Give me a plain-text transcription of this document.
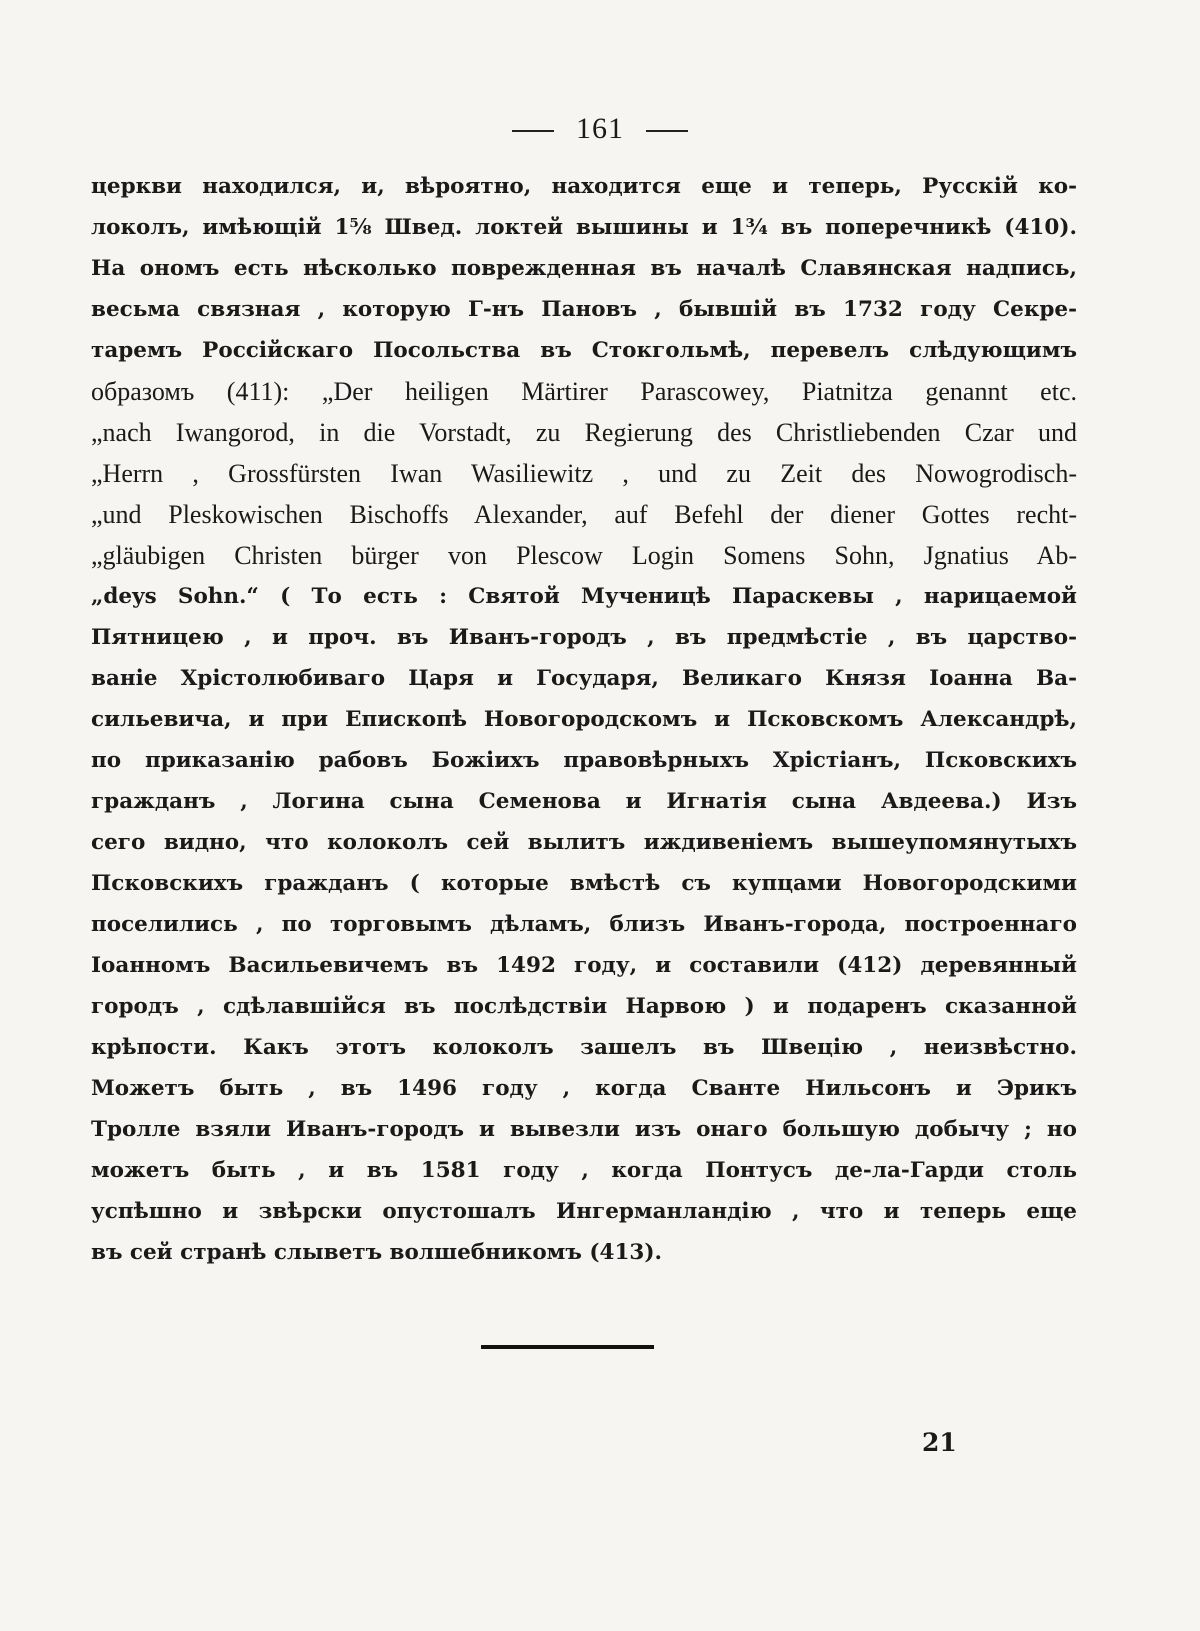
161
церкви находился, и, вѣроятно, находится еще и теперь, Русскій ко-
локолъ, имѣющій 1⅝ Швед. локтей вышины и 1¾ въ поперечникѣ (410).
На ономъ есть нѣсколько поврежденная въ началѣ Славянская надпись,
весьма связная , которую Г-нъ Пановъ , бывшій въ 1732 году Секре-
таремъ Россійскаго Посольства въ Стокгольмѣ, перевелъ слѣдующимъ
образомъ (411): „Der heiligen Märtirer Parascowey, Piatnitza genannt etc.
„nach Iwangorod, in die Vorstadt, zu Regierung des Christliebenden Czar und
„Herrn , Grossfürsten Iwan Wasiliewitz , und zu Zeit des Nowogrodisch-
„und Pleskowischen Bischoffs Alexander, auf Befehl der diener Gottes recht-
„gläubigen Christen bürger von Plescow Login Somens Sohn, Jgnatius Ab-
„deys Sohn.“ ( То есть : Святой Мученицѣ Параскевы , нарицаемой
Пятницею , и проч. въ Иванъ-городъ , въ предмѣстіе , въ царство-
ваніе Хрістолюбиваго Царя и Государя, Великаго Князя Іоанна Ва-
сильевича, и при Епископѣ Новогородскомъ и Псковскомъ Александрѣ,
по приказанію рабовъ Божіихъ правовѣрныхъ Хрістіанъ, Псковскихъ
гражданъ , Логина сына Семенова и Игнатія сына Авдеева.) Изъ
сего видно, что колоколъ сей вылитъ иждивеніемъ вышеупомянутыхъ
Псковскихъ гражданъ ( которые вмѣстѣ съ купцами Новогородскими
поселились , по торговымъ дѣламъ, близъ Иванъ-города, построеннаго
Іоанномъ Васильевичемъ въ 1492 году, и составили (412) деревянный
городъ , сдѣлавшійся въ послѣдствіи Нарвою ) и подаренъ сказанной
крѣпости. Какъ этотъ колоколъ зашелъ въ Швецію , неизвѣстно.
Можетъ быть , въ 1496 году , когда Сванте Нильсонъ и Эрикъ
Тролле взяли Иванъ-городъ и вывезли изъ онаго большую добычу ; но
можетъ быть , и въ 1581 году , когда Понтусъ де-ла-Гарди столь
успѣшно и звѣрски опустошалъ Ингерманландію , что и теперь еще
въ сей странѣ слыветъ волшебникомъ (413).
21
